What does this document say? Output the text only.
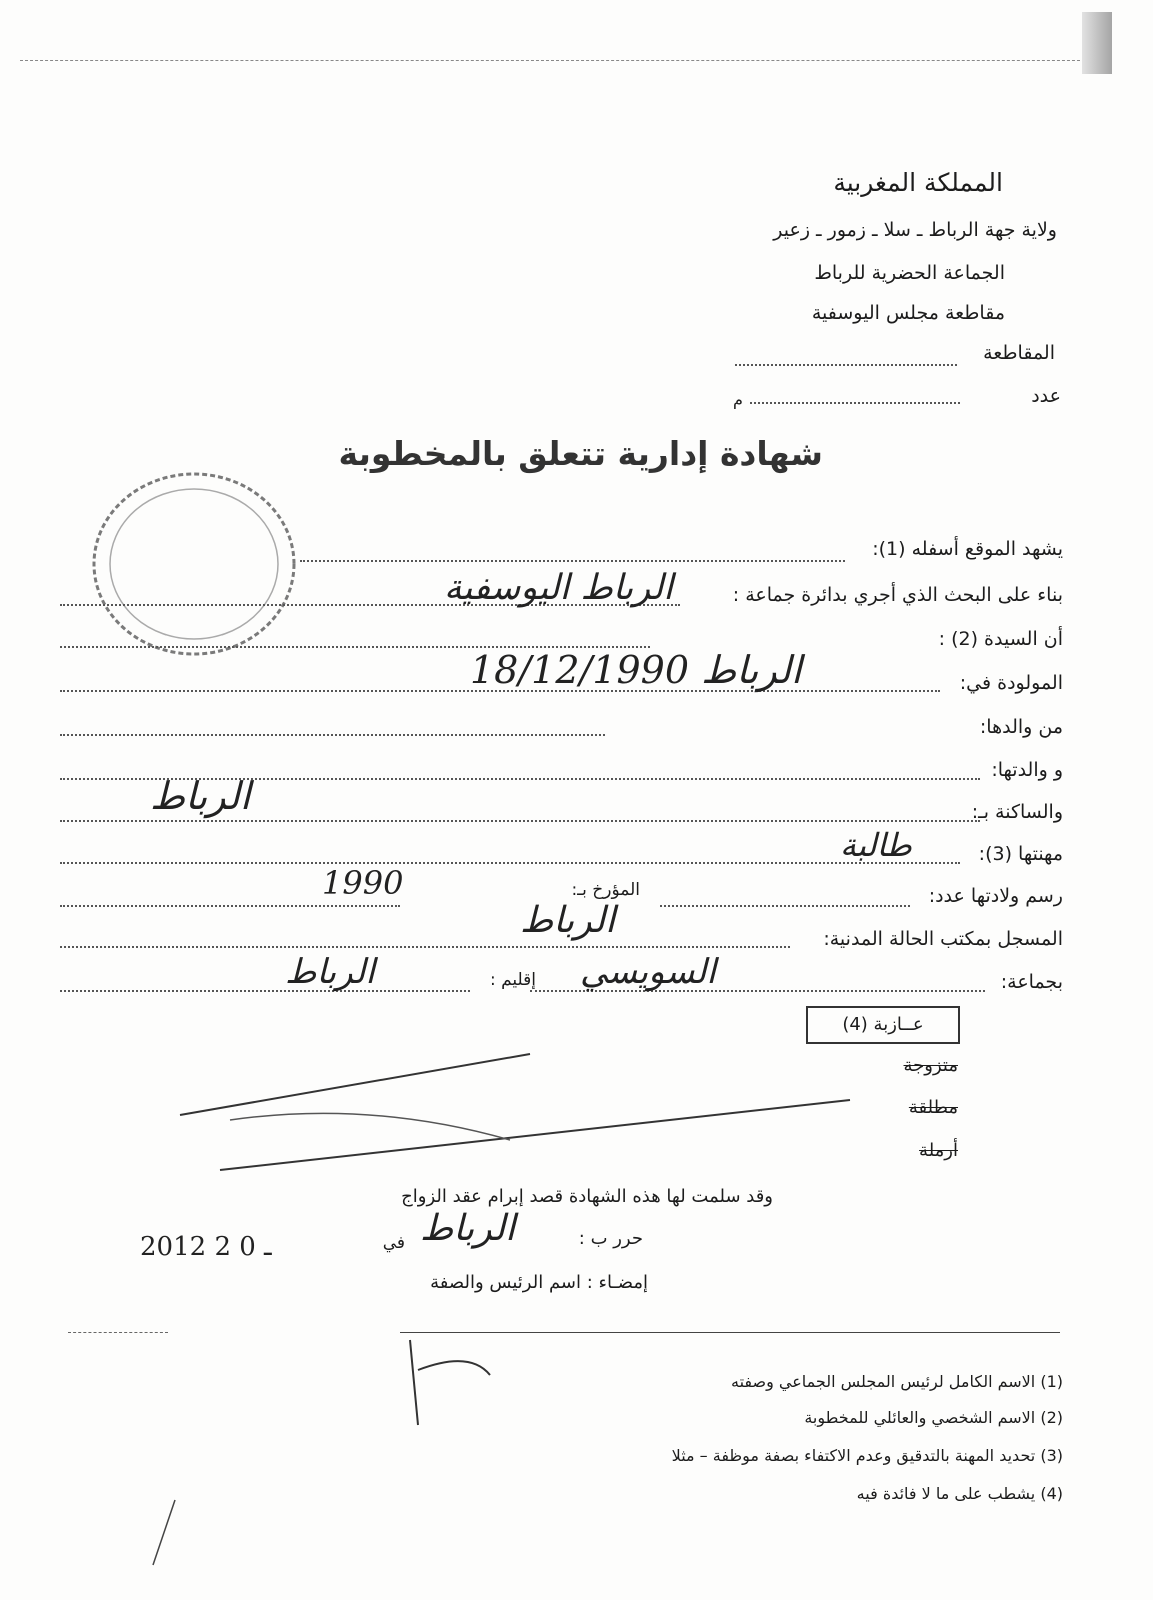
المملكة المغربية
ولاية جهة الرباط ـ سلا ـ زمور ـ زعير
الجماعة الحضرية للرباط
مقاطعة مجلس اليوسفية
المقاطعة
عدد
م
شهادة إدارية تتعلق بالمخطوبة
يشهد الموقع أسفله (1):
بناء على البحث الذي أجري بدائرة جماعة :
الرباط اليوسفية
أن السيدة (2) :
المولودة في:
18/12/1990 الرباط
من والدها:
و والدتها:
والساكنة بـ:
الرباط
مهنتها (3):
طالبة
رسم ولادتها عدد:
المؤرخ بـ:
1990
المسجل بمكتب الحالة المدنية:
الرباط
بجماعة:
السويسي
إقليم :
الرباط
عــازبة (4)
متزوجة
مطلقة
أرملة
وقد سلمت لها هذه الشهادة قصد إبرام عقد الزواج
حرر ب :
الرباط
في
2012 ـ 0 2
إمضـاء : اسم الرئيس والصفة
(1) الاسم الكامل لرئيس المجلس الجماعي وصفته
(2) الاسم الشخصي والعائلي للمخطوبة
(3) تحديد المهنة بالتدقيق وعدم الاكتفاء بصفة موظفة – مثلا
(4) يشطب على ما لا فائدة فيه
